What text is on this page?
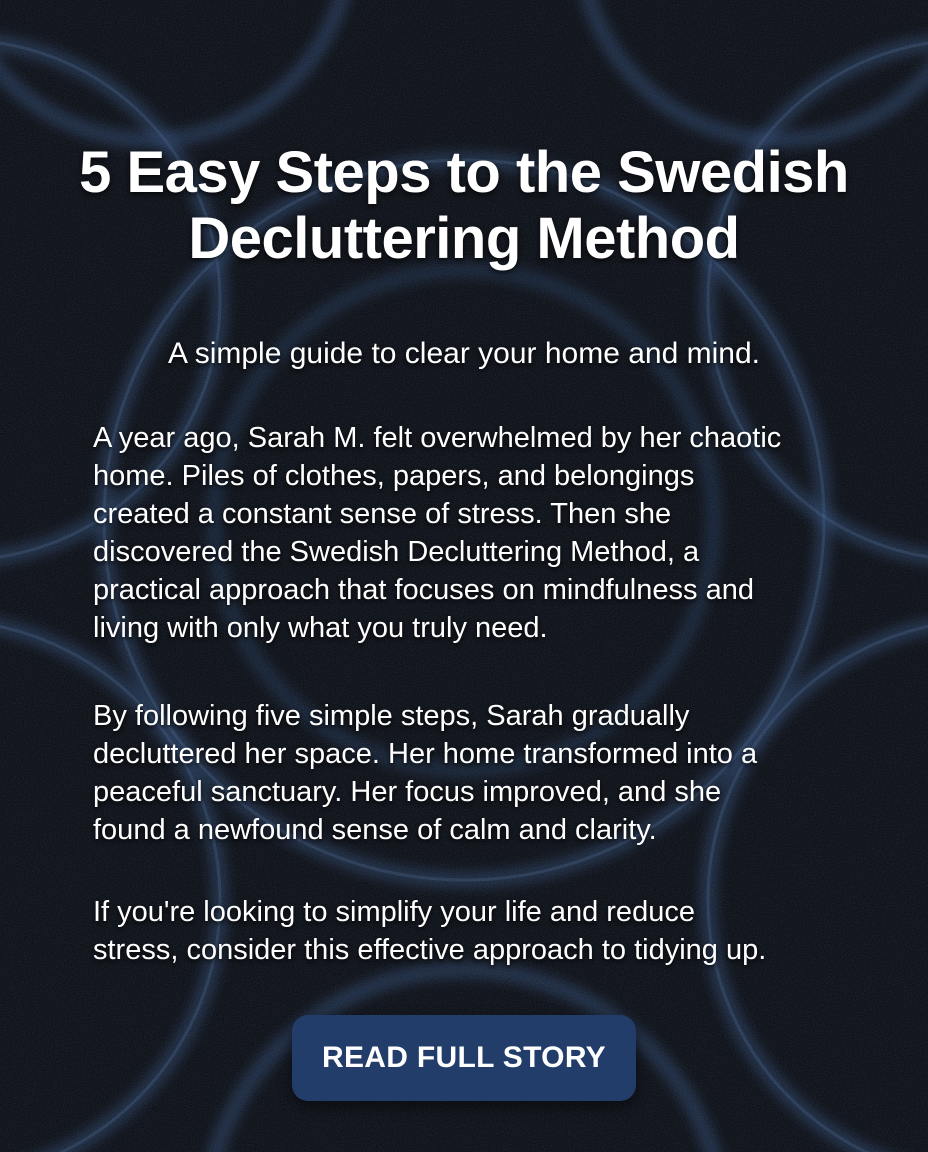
5 Easy Steps to the Swedish
Decluttering Method

A simple guide to clear your home and mind.

A year ago, Sarah M. felt overwhelmed by her chaotic
home. Piles of clothes, papers, and belongings
created a constant sense of stress. Then she
discovered the Swedish Decluttering Method, a
practical approach that focuses on mindfulness and
living with only what you truly need.

By following five simple steps, Sarah gradually
decluttered her space. Her home transformed into a
peaceful sanctuary. Her focus improved, and she
found a newfound sense of calm and clarity.

If you're looking to simplify your life and reduce
stress, consider this effective approach to tidying up.

READ FULL STORY
